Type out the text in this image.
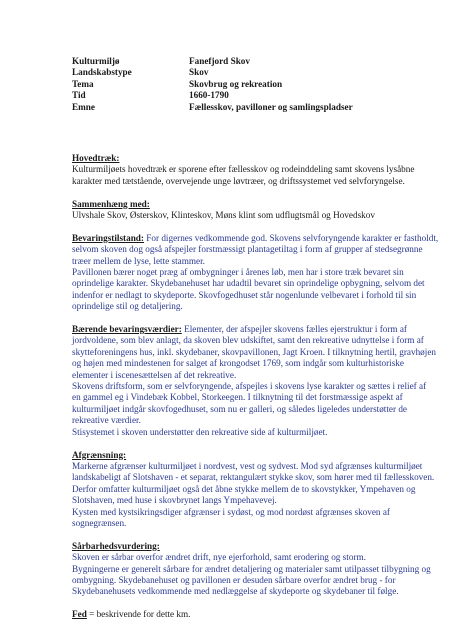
Kulturmiljø	Fanefjord Skov
Landskabstype	Skov
Tema	Skovbrug og rekreation
Tid	1660-1790
Emne	Fællesskov, pavilloner og samlingspladser
Hovedtræk:

Kulturmiljøets hovedtræk er sporene efter fællesskov og rodeinddeling samt skovens lysåbne
karakter med tætstående, overvejende unge løvtræer, og driftssystemet ved selvforyngelse.

Sammenhæng med:

Ulvshale Skov, Østerskov, Klinteskov, Møns klint som udflugtsmål og Hovedskov

Bevaringstilstand: For digernes vedkommende god. Skovens selvforyngende karakter er fastholdt,
selvom skoven dog også afspejler forstmæssigt plantagetiltag i form af grupper af stedsegrønne
træer mellem de lyse, lette stammer.
Pavillonen bærer noget præg af ombygninger i årenes løb, men har i store træk bevaret sin
oprindelige karakter. Skydebanehuset har udadtil bevaret sin oprindelige opbygning, selvom det
indenfor er nedlagt to skydeporte. Skovfogedhuset står nogenlunde velbevaret i forhold til sin
oprindelige stil og detaljering.

Bærende bevaringsværdier: Elementer, der afspejler skovens fælles ejerstruktur i form af
jordvoldene, som blev anlagt, da skoven blev udskiftet, samt den rekreative udnyttelse i form af
skytteforeningens hus, inkl. skydebaner, skovpavillonen, Jagt Kroen. I tilknytning hertil, gravhøjen
og højen med mindestenen for salget af krongodset 1769, som indgår som kulturhistoriske
elementer i iscenesættelsen af det rekreative.
Skovens driftsform, som er selvforyngende, afspejles i skovens lyse karakter og sættes i relief af
en gammel eg i Vindebæk Kobbel, Storkeegen. I tilknytning til det forstmæssige aspekt af
kulturmiljøet indgår skovfogedhuset, som nu er galleri, og således ligeledes understøtter de
rekreative værdier.
Stisystemet i skoven understøtter den rekreative side af kulturmiljøet.

Afgrænsning:

Markerne afgrænser kulturmiljøet i nordvest, vest og sydvest. Mod syd afgrænses kulturmiljøet
landskabeligt af Slotshaven - et separat, rektangulært stykke skov, som hører med til fællesskoven.
Derfor omfatter kulturmiljøet også det åbne stykke mellem de to skovstykker, Ympehaven og
Slotshaven, med huse i skovbrynet langs Ympehavevej.
Kysten med kystsikringsdiger afgrænser i sydøst, og mod nordøst afgrænses skoven af
sognegrænsen.

Sårbarhedsvurdering:

Skoven er sårbar overfor ændret drift, nye ejerforhold, samt erodering og storm.
Bygningerne er generelt sårbare for ændret detaljering og materialer samt utilpasset tilbygning og
ombygning. Skydebanehuset og pavillonen er desuden sårbare overfor ændret brug - for
Skydebanehusets vedkommende med nedlæggelse af skydeporte og skydebaner til følge.

Fed = beskrivende for dette km.
